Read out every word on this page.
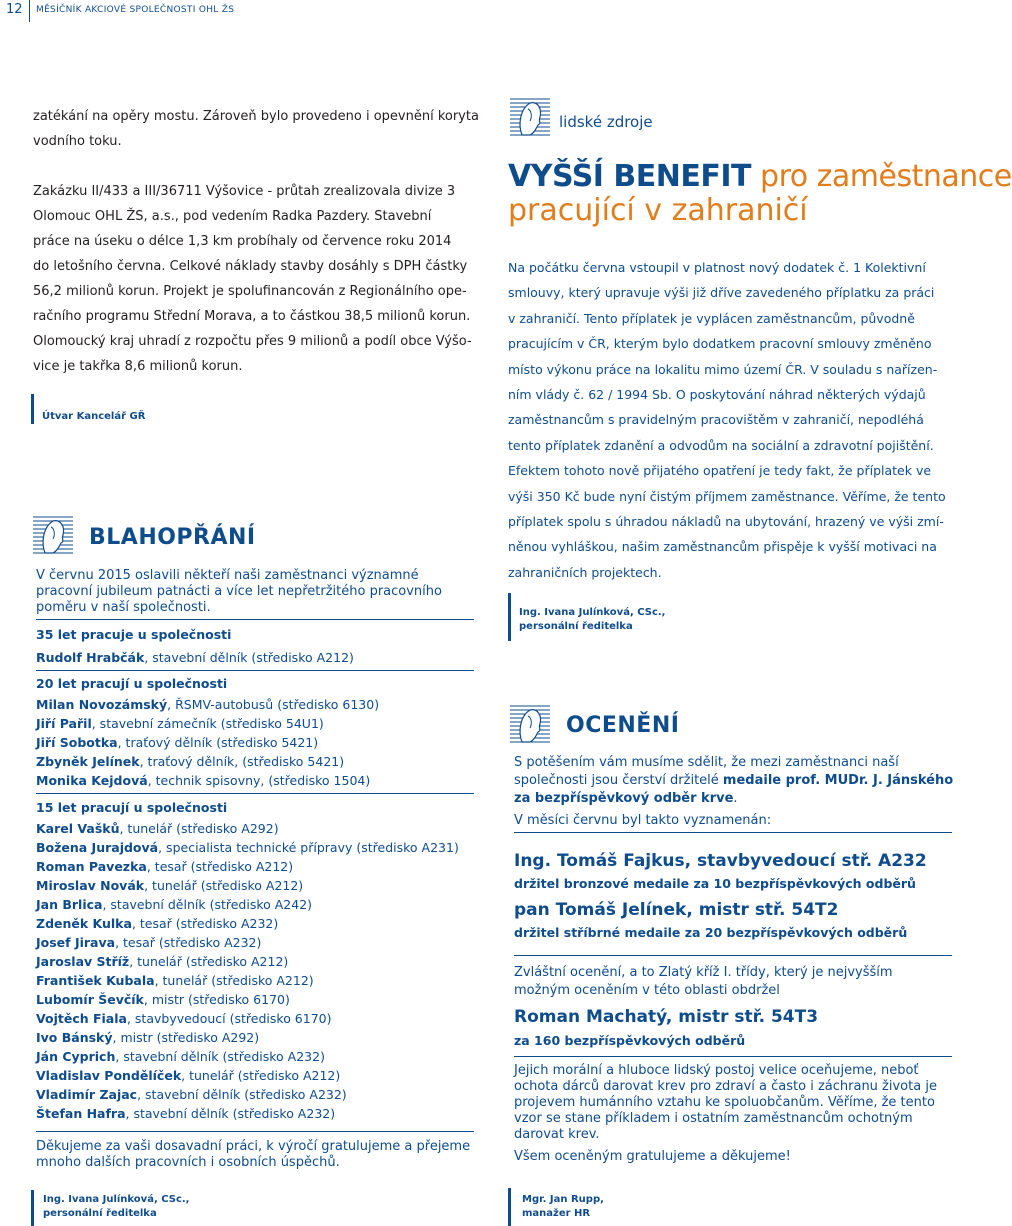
12 MĚSÍČNÍK AKCIOVÉ SPOLEČNOSTI OHL ŽS

zatékání na opěry mostu. Zároveň bylo provedeno i opevnění koryta

vodního toku.

Zakázku II/433 a III/36711 Výšovice - průtah zrealizovala divize 3

Olomouc OHL ŽS, a.s., pod vedením Radka Pazdery. Stavební

práce na úseku o délce 1,3 km probíhaly od července roku 2014

do letošního června. Celkové náklady stavby dosáhly s DPH částky

56,2 milionů korun. Projekt je spolufinancován z Regionálního ope-

račního programu Střední Morava, a to částkou 38,5 milionů korun.

Olomoucký kraj uhradí z rozpočtu přes 9 milionů a podíl obce Výšo-

vice je takřka 8,6 milionů korun.

Útvar Kancelář GŘ
BLAHOPŘÁNÍ
V červnu 2015 oslavili někteří naši zaměstnanci významné
pracovní jubileum patnácti a více let nepřetržitého pracovního
poměru v naší společnosti.
35 let pracuje u společnosti
Rudolf Hrabčák, stavební dělník (středisko A212)
20 let pracují u společnosti
Milan Novozámský, ŘSMV-autobusů (středisko 6130)
Jiří Pařil, stavební zámečník (středisko 54U1)
Jiří Sobotka, traťový dělník (středisko 5421)
Zbyněk Jelínek, traťový dělník, (středisko 5421)
Monika Kejdová, technik spisovny, (středisko 1504)
15 let pracují u společnosti
Karel Vašků, tunelář (středisko A292)
Božena Jurajdová, specialista technické přípravy (středisko A231)
Roman Pavezka, tesař (středisko A212)
Miroslav Novák, tunelář (středisko A212)
Jan Brlica, stavební dělník (středisko A242)
Zdeněk Kulka, tesař (středisko A232)
Josef Jirava, tesař (středisko A232)
Jaroslav Stříž, tunelář (středisko A212)
František Kubala, tunelář (středisko A212)
Lubomír Ševčík, mistr (středisko 6170)
Vojtěch Fiala, stavbyvedoucí (středisko 6170)
Ivo Bánský, mistr (středisko A292)
Ján Cyprich, stavební dělník (středisko A232)
Vladislav Pondělíček, tunelář (středisko A212)
Vladimír Zajac, stavební dělník (středisko A232)
Štefan Hafra, stavební dělník (středisko A232)
Děkujeme za vaši dosavadní práci, k výročí gratulujeme a přejeme
mnoho dalších pracovních i osobních úspěchů.
Ing. Ivana Julínková, CSc.,
personální ředitelka
lidské zdroje
VYŠŠÍ BENEFIT pro zaměstnance
pracující v zahraničí
Na počátku června vstoupil v platnost nový dodatek č. 1 Kolektivní
smlouvy, který upravuje výši již dříve zavedeného příplatku za práci
v zahraničí. Tento příplatek je vyplácen zaměstnancům, původně
pracujícím v ČR, kterým bylo dodatkem pracovní smlouvy změněno
místo výkonu práce na lokalitu mimo území ČR. V souladu s nařízen-
ním vlády č. 62 / 1994 Sb. O poskytování náhrad některých výdajů
zaměstnancům s pravidelným pracovištěm v zahraničí, nepodléhá
tento příplatek zdanění a odvodům na sociální a zdravotní pojištění.
Efektem tohoto nově přijatého opatření je tedy fakt, že příplatek ve
výši 350 Kč bude nyní čistým příjmem zaměstnance. Věříme, že tento
příplatek spolu s úhradou nákladů na ubytování, hrazený ve výši zmí-
něnou vyhláškou, našim zaměstnancům přispěje k vyšší motivaci na
zahraničních projektech.
Ing. Ivana Julínková, CSc.,
personální ředitelka
OCENĚNÍ
S potěšením vám musíme sdělit, že mezi zaměstnanci naší
společnosti jsou čerství držitelé medaile prof. MUDr. J. Jánského
za bezpříspěvkový odběr krve.
V měsíci červnu byl takto vyznamenán:
Ing. Tomáš Fajkus, stavbyvedoucí stř. A232
držitel bronzové medaile za 10 bezpříspěvkových odběrů
pan Tomáš Jelínek, mistr stř. 54T2
držitel stříbrné medaile za 20 bezpříspěvkových odběrů
Zvláštní ocenění, a to Zlatý kříž I. třídy, který je nejvyšším
možným oceněním v této oblasti obdržel
Roman Machatý, mistr stř. 54T3
za 160 bezpříspěvkových odběrů
Jejich morální a hluboce lidský postoj velice oceňujeme, neboť
ochota dárců darovat krev pro zdraví a často i záchranu života je
projevem humánního vztahu ke spoluobčanům. Věříme, že tento
vzor se stane příkladem i ostatním zaměstnancům ochotným
darovat krev.
Všem oceněným gratulujeme a děkujeme!
Mgr. Jan Rupp,
manažer HR
